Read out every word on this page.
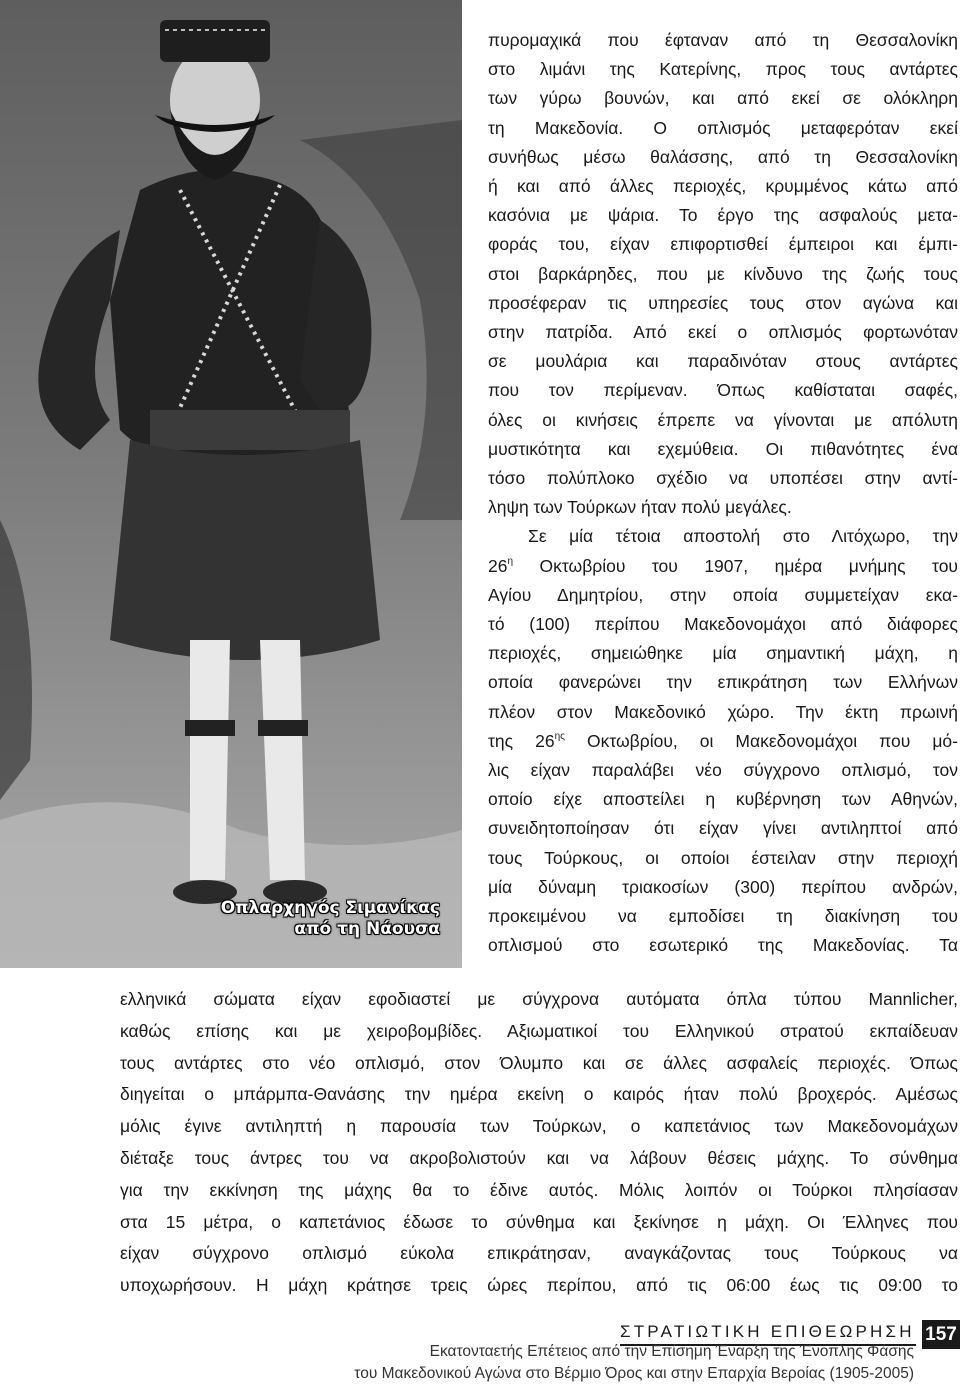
Οπλαρχηγός Σιμανίκας
από τη Νάουσα
πυρομαχικά που έφταναν από τη Θεσσαλονίκη
στο λιμάνι της Κατερίνης, προς τους αντάρτες
των γύρω βουνών, και από εκεί σε ολόκληρη
τη Μακεδονία. Ο οπλισμός μεταφερόταν εκεί
συνήθως μέσω θαλάσσης, από τη Θεσσαλονίκη
ή και από άλλες περιοχές, κρυμμένος κάτω από
κασόνια με ψάρια. Το έργο της ασφαλούς μετα-
φοράς του, είχαν επιφορτισθεί έμπειροι και έμπι-
στοι βαρκάρηδες, που με κίνδυνο της ζωής τους
προσέφεραν τις υπηρεσίες τους στον αγώνα και
στην πατρίδα. Από εκεί ο οπλισμός φορτωνόταν
σε μουλάρια και παραδινόταν στους αντάρτες
που τον περίμεναν. Όπως καθίσταται σαφές,
όλες οι κινήσεις έπρεπε να γίνονται με απόλυτη
μυστικότητα και εχεμύθεια. Οι πιθανότητες ένα
τόσο πολύπλοκο σχέδιο να υποπέσει στην αντί-
ληψη των Τούρκων ήταν πολύ μεγάλες.
Σε μία τέτοια αποστολή στο Λιτόχωρο, την
$26^\eta$ Οκτωβρίου του 1907, ημέρα μνήμης του
Αγίου Δημητρίου, στην οποία συμμετείχαν εκα-
τό (100) περίπου Μακεδονομάχοι από διάφορες
περιοχές, σημειώθηκε μία σημαντική μάχη, η
οποία φανερώνει την επικράτηση των Ελλήνων
πλέον στον Μακεδονικό χώρο. Την έκτη πρωινή
της $26^{\eta\varsigma}$ Οκτωβρίου, οι Μακεδονομάχοι που μό-
λις είχαν παραλάβει νέο σύγχρονο οπλισμό, τον
οποίο είχε αποστείλει η κυβέρνηση των Αθηνών,
συνειδητοποίησαν ότι είχαν γίνει αντιληπτοί από
τους Τούρκους, οι οποίοι έστειλαν στην περιοχή
μία δύναμη τριακοσίων (300) περίπου ανδρών,
προκειμένου να εμποδίσει τη διακίνηση του
οπλισμού στο εσωτερικό της Μακεδονίας. Τα
ελληνικά σώματα είχαν εφοδιαστεί με σύγχρονα αυτόματα όπλα τύπου Mannlicher,
καθώς επίσης και με χειροβομβίδες. Αξιωματικοί του Ελληνικού στρατού εκπαίδευαν
τους αντάρτες στο νέο οπλισμό, στον Όλυμπο και σε άλλες ασφαλείς περιοχές. Όπως
διηγείται ο μπάρμπα-Θανάσης την ημέρα εκείνη ο καιρός ήταν πολύ βροχερός. Αμέσως
μόλις έγινε αντιληπτή η παρουσία των Τούρκων, ο καπετάνιος των Μακεδονομάχων
διέταξε τους άντρες του να ακροβολιστούν και να λάβουν θέσεις μάχης. Το σύνθημα
για την εκκίνηση της μάχης θα το έδινε αυτός. Μόλις λοιπόν οι Τούρκοι πλησίασαν
στα 15 μέτρα, ο καπετάνιος έδωσε το σύνθημα και ξεκίνησε η μάχη. Οι Έλληνες που
είχαν σύγχρονο οπλισμό εύκολα επικράτησαν, αναγκάζοντας τους Τούρκους να
υποχωρήσουν. Η μάχη κράτησε τρεις ώρες περίπου, από τις 06:00 έως τις 09:00 το
ΣΤΡΑΤΙΩΤΙΚΗ ΕΠΙΘΕΩΡΗΣΗ 157
Εκατονταετής Επέτειος από την Επίσημη Έναρξη της Ένοπλης Φάσης
του Μακεδονικού Αγώνα στο Βέρμιο Όρος και στην Επαρχία Βεροίας (1905-2005)
